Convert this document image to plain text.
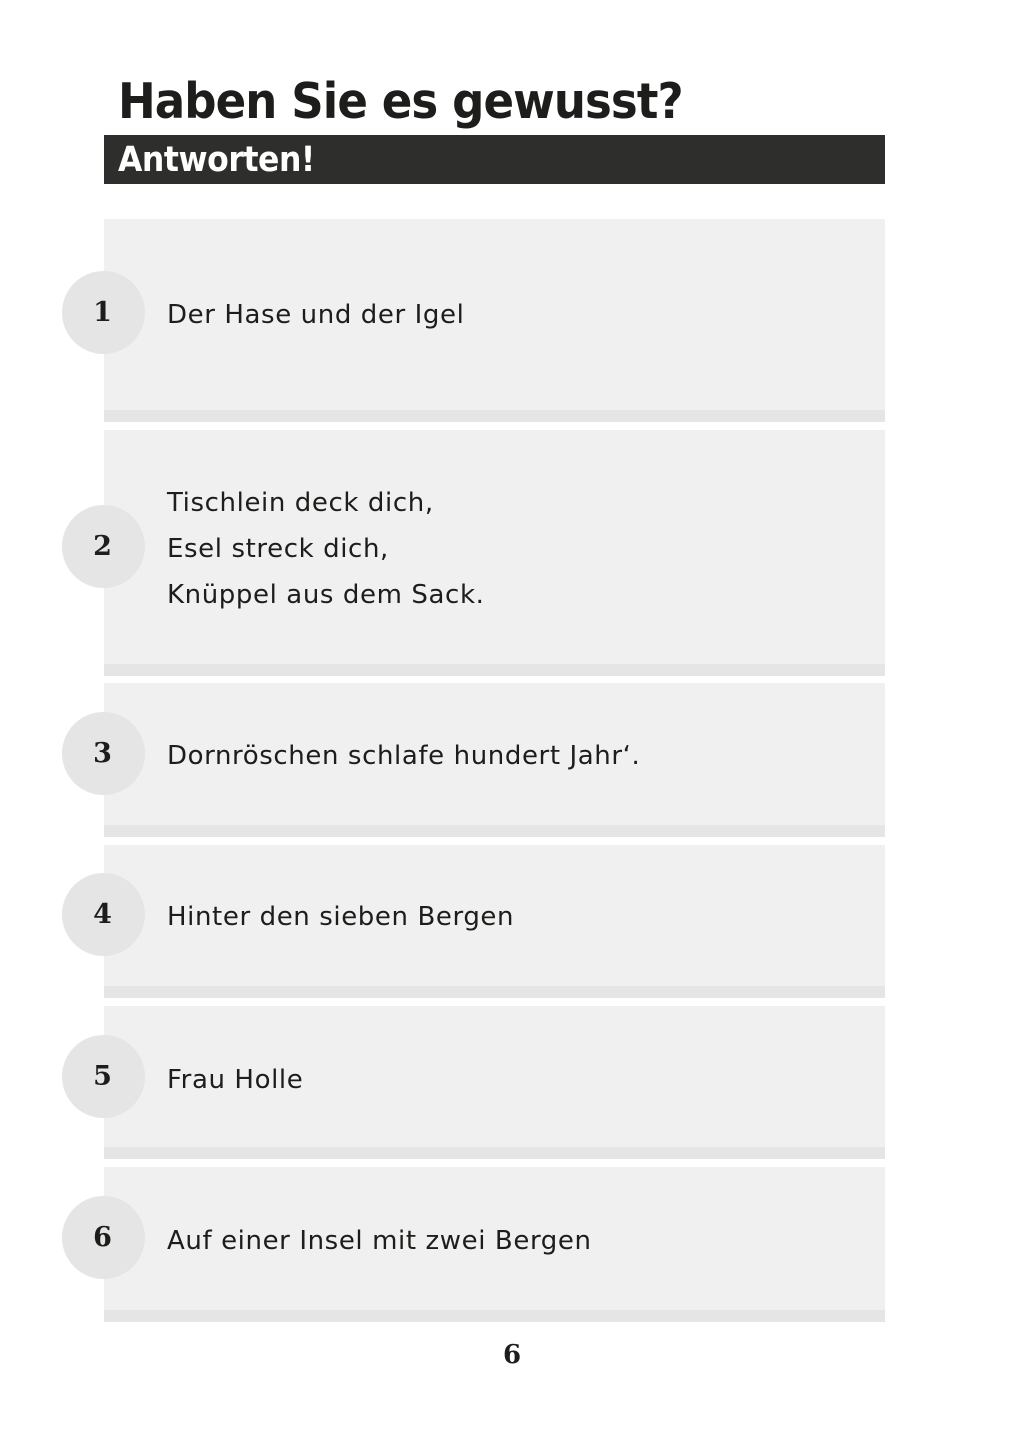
Haben Sie es gewusst?
Antworten!
1 Der Hase und der Igel
2
Tischlein deck dich,
Esel streck dich,
Knüppel aus dem Sack.
3 Dornröschen schlafe hundert Jahr‘.
4 Hinter den sieben Bergen
5 Frau Holle
6 Auf einer Insel mit zwei Bergen
6
